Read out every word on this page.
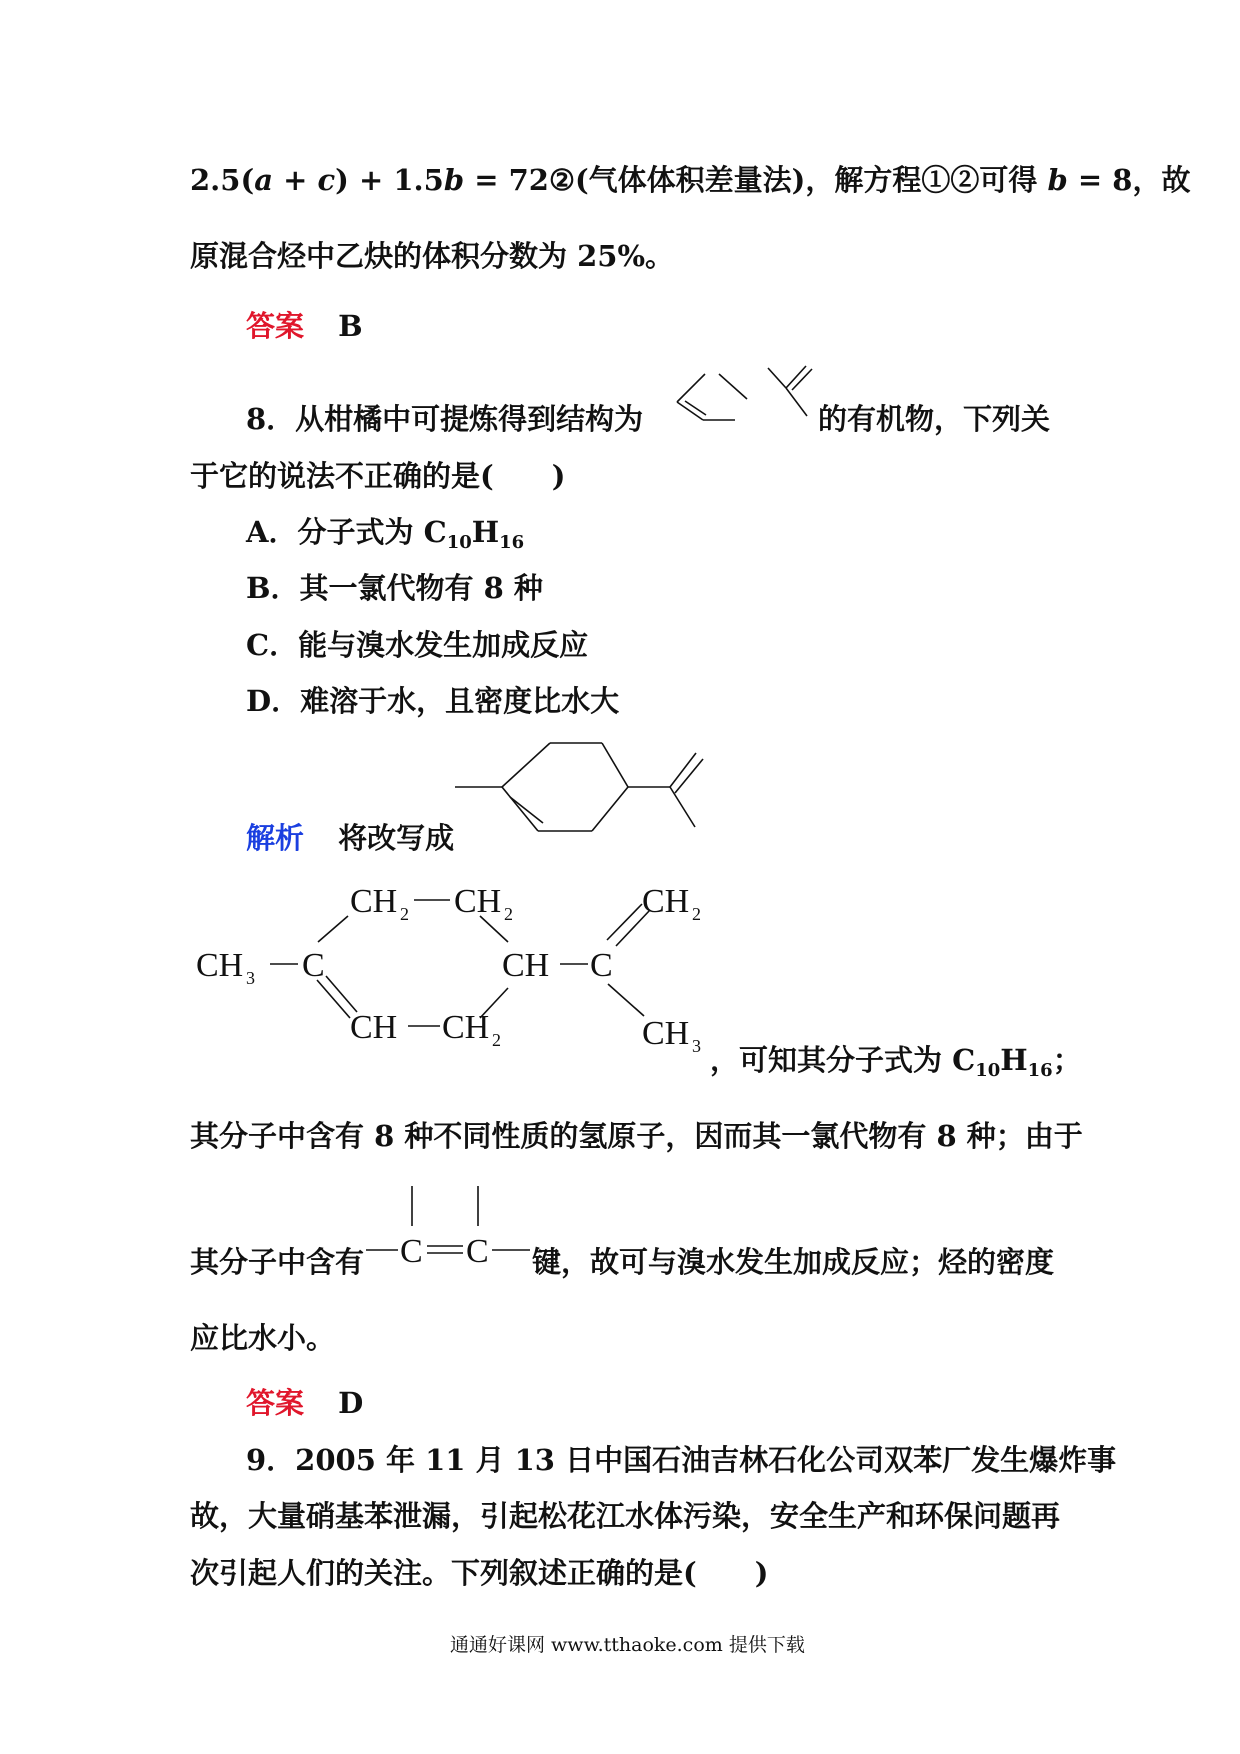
2.5(a + c) + 1.5b = 72②(气体体积差量法)，解方程①②可得 b = 8，故
原混合烃中乙炔的体积分数为 25%。
答案 B
8．从柑橘中可提炼得到结构为	的有机物，下列关
于它的说法不正确的是(　　)
A．分子式为 $C_{10}H_{16}$
B．其一氯代物有 8 种
C．能与溴水发生加成反应
D．难溶于水，且密度比水大
解析 将改写成
CH 2 CH 2	CH 2
CH 3 C	CH C
CH CH 2	CH 3 ，可知其分子式为 $C_{10}H_{16}$；
其分子中含有 8 种不同性质的氢原子，因而其一氯代物有 8 种；由于
其分子中含有 C C 键，故可与溴水发生加成反应；烃的密度
应比水小。
答案 D
9．2005 年 11 月 13 日中国石油吉林石化公司双苯厂发生爆炸事
故，大量硝基苯泄漏，引起松花江水体污染，安全生产和环保问题再
次引起人们的关注。下列叙述正确的是(　　)
通通好课网 www.tthaoke.com 提供下载
